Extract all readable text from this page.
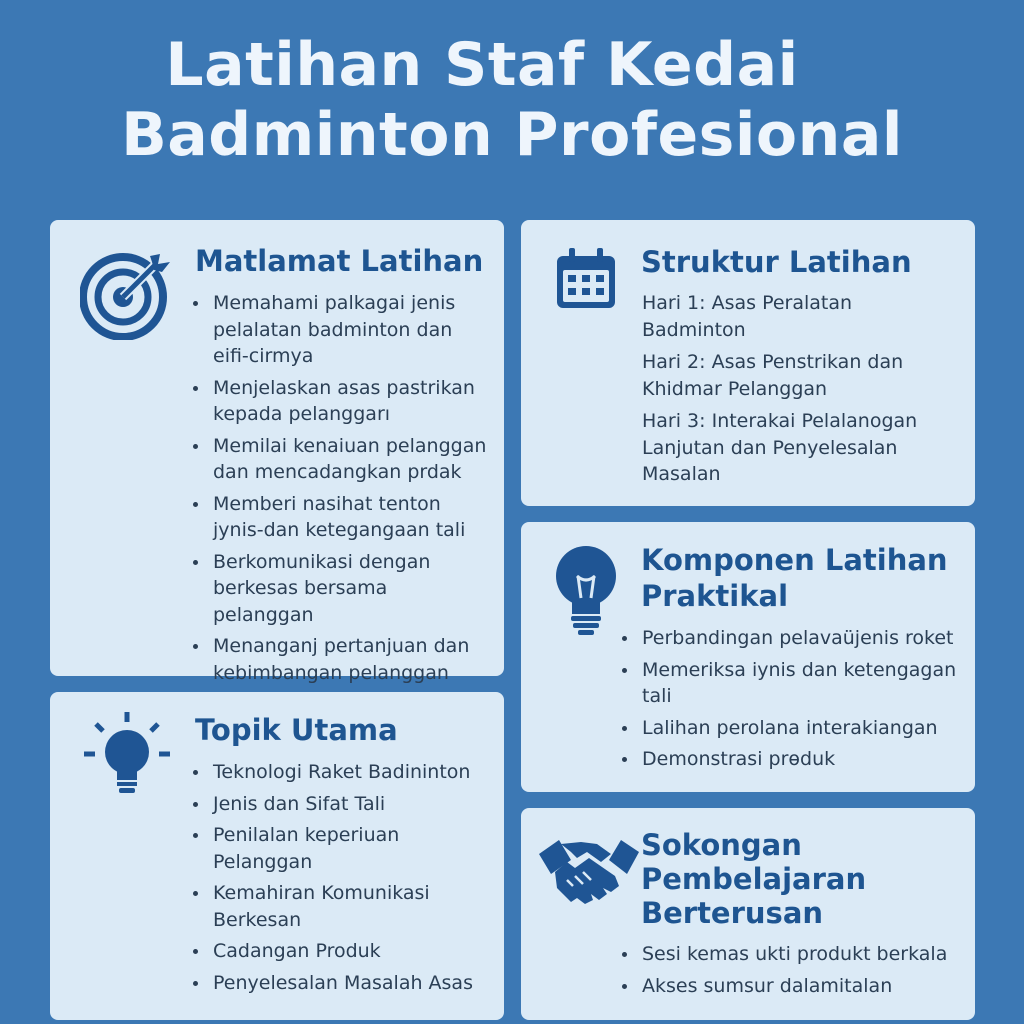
Latihan Staf Kedai
Badminton Profesional
Matlamat Latihan
Memahami palkagai jenis pelalatan badminton dan eifi-cirmya
Menjelaskan asas pastrikan kepada pelanggarı
Memilai kenaiuan pelanggan dan mencadangkan prdak
Memberi nasihat tenton jynis-dan ketegangaan tali
Berkomunikasi dengan berkesas bersama pelanggan
Menanganj pertanjuan dan kebimbangan pelanggan
Topik Utama
Teknologi Raket Badininton
Jenis dan Sifat Tali
Penilalan keperiuan Pelanggan
Kemahiran Komunikasi Berkesan
Cadangan Produk
Penyelesalan Masalah Asas
Struktur Latihan
Hari 1: Asas Peralatan Badminton
Hari 2: Asas Penstrikan dan Khidmar Pelanggan
Hari 3: Interakai Pelalanogan Lanjutan dan Penyelesalan Masalan
Komponen Latihan
Praktikal
Perbandingan pelavaüjenis roket
Memeriksa iynis dan ketengagan tali
Lalihan perolana interakiangan
Demonstrasi prөduk
Sokongan
Pembelajaran
Berterusan
Sesi kemas ukti produkt berkala
Akses sumsur dalamitalan
